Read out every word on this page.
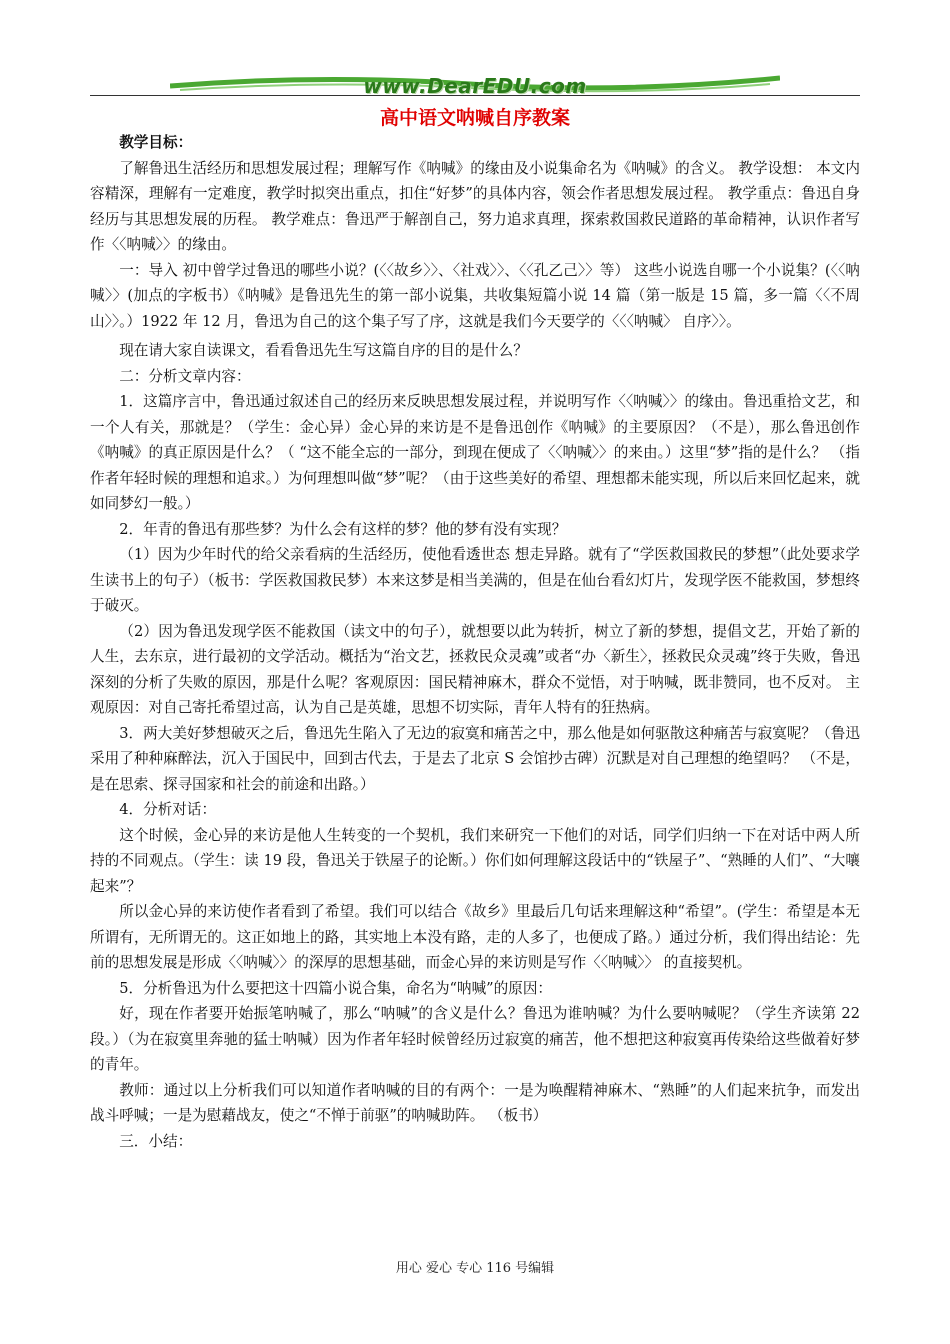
www.DearEDU.com
高中语文呐喊自序教案

教学目标：

了解鲁迅生活经历和思想发展过程；理解写作《呐喊》的缘由及小说集命名为《呐喊》的含义。 教学设想： 本文内容精深，理解有一定难度，教学时拟突出重点，扣住“好梦”的具体内容，领会作者思想发展过程。 教学重点：鲁迅自身经历与其思想发展的历程。 教学难点：鲁迅严于解剖自己，努力追求真理，探索救国救民道路的革命精神，认识作者写作〈〈呐喊〉〉的缘由。

一：导入 初中曾学过鲁迅的哪些小说？(〈〈故乡〉〉、〈社戏〉〉、〈〈孔乙己〉〉等） 这些小说选自哪一个小说集？(〈〈呐喊〉〉(加点的字板书）《呐喊》是鲁迅先生的第一部小说集，共收集短篇小说 14 篇（第一版是 15 篇，多一篇〈〈不周山〉〉。）1922 年 12 月，鲁迅为自己的这个集子写了序，这就是我们今天要学的〈〈〈呐喊〉 自序〉〉。

现在请大家自读课文，看看鲁迅先生写这篇自序的目的是什么？

二：分析文章内容：

1．这篇序言中，鲁迅通过叙述自己的经历来反映思想发展过程，并说明写作〈〈呐喊〉〉的缘由。鲁迅重拾文艺，和一个人有关，那就是？（学生：金心异）金心异的来访是不是鲁迅创作《呐喊》的主要原因？（不是），那么鲁迅创作《呐喊》的真正原因是什么？（ “这不能全忘的一部分，到现在便成了〈〈呐喊〉〉的来由。）这里“梦”指的是什么？ （指作者年轻时候的理想和追求。）为何理想叫做“梦”呢？（由于这些美好的希望、理想都未能实现，所以后来回忆起来，就如同梦幻一般。）

2．年青的鲁迅有那些梦？为什么会有这样的梦？他的梦有没有实现？

（1）因为少年时代的给父亲看病的生活经历，使他看透世态 想走异路。就有了“学医救国救民的梦想”（此处要求学生读书上的句子）（板书：学医救国救民梦）本来这梦是相当美满的，但是在仙台看幻灯片，发现学医不能救国，梦想终于破灭。

（2）因为鲁迅发现学医不能救国（读文中的句子），就想要以此为转折，树立了新的梦想，提倡文艺，开始了新的人生，去东京，进行最初的文学活动。概括为“治文艺，拯救民众灵魂”或者“办〈新生〉，拯救民众灵魂”终于失败，鲁迅深刻的分析了失败的原因，那是什么呢？客观原因：国民精神麻木，群众不觉悟，对于呐喊，既非赞同，也不反对。 主观原因：对自己寄托希望过高，认为自己是英雄，思想不切实际，青年人特有的狂热病。

3．两大美好梦想破灭之后，鲁迅先生陷入了无边的寂寞和痛苦之中，那么他是如何驱散这种痛苦与寂寞呢？（鲁迅采用了种种麻醉法，沉入于国民中，回到古代去，于是去了北京 S 会馆抄古碑）沉默是对自己理想的绝望吗？ （不是，是在思索、探寻国家和社会的前途和出路。）

4．分析对话：

这个时候，金心异的来访是他人生转变的一个契机，我们来研究一下他们的对话，同学们归纳一下在对话中两人所持的不同观点。（学生：读 19 段，鲁迅关于铁屋子的论断。）你们如何理解这段话中的“铁屋子”、“熟睡的人们”、“大嚷起来”？

所以金心异的来访使作者看到了希望。我们可以结合《故乡》里最后几句话来理解这种“希望”。(学生：希望是本无所谓有，无所谓无的。这正如地上的路，其实地上本没有路，走的人多了，也便成了路。）通过分析，我们得出结论：先前的思想发展是形成〈〈呐喊〉〉的深厚的思想基础，而金心异的来访则是写作〈〈呐喊〉〉 的直接契机。

5．分析鲁迅为什么要把这十四篇小说合集，命名为“呐喊”的原因：

好，现在作者要开始振笔呐喊了，那么“呐喊”的含义是什么？鲁迅为谁呐喊？为什么要呐喊呢？（学生齐读第 22 段。）（为在寂寞里奔驰的猛士呐喊）因为作者年轻时候曾经历过寂寞的痛苦，他不想把这种寂寞再传染给这些做着好梦的青年。

教师：通过以上分析我们可以知道作者呐喊的目的有两个：一是为唤醒精神麻木、“熟睡”的人们起来抗争，而发出战斗呼喊；一是为慰藉战友，使之“不惮于前驱”的呐喊助阵。 （板书）

三．小结：

用心 爱心 专心 116 号编辑
